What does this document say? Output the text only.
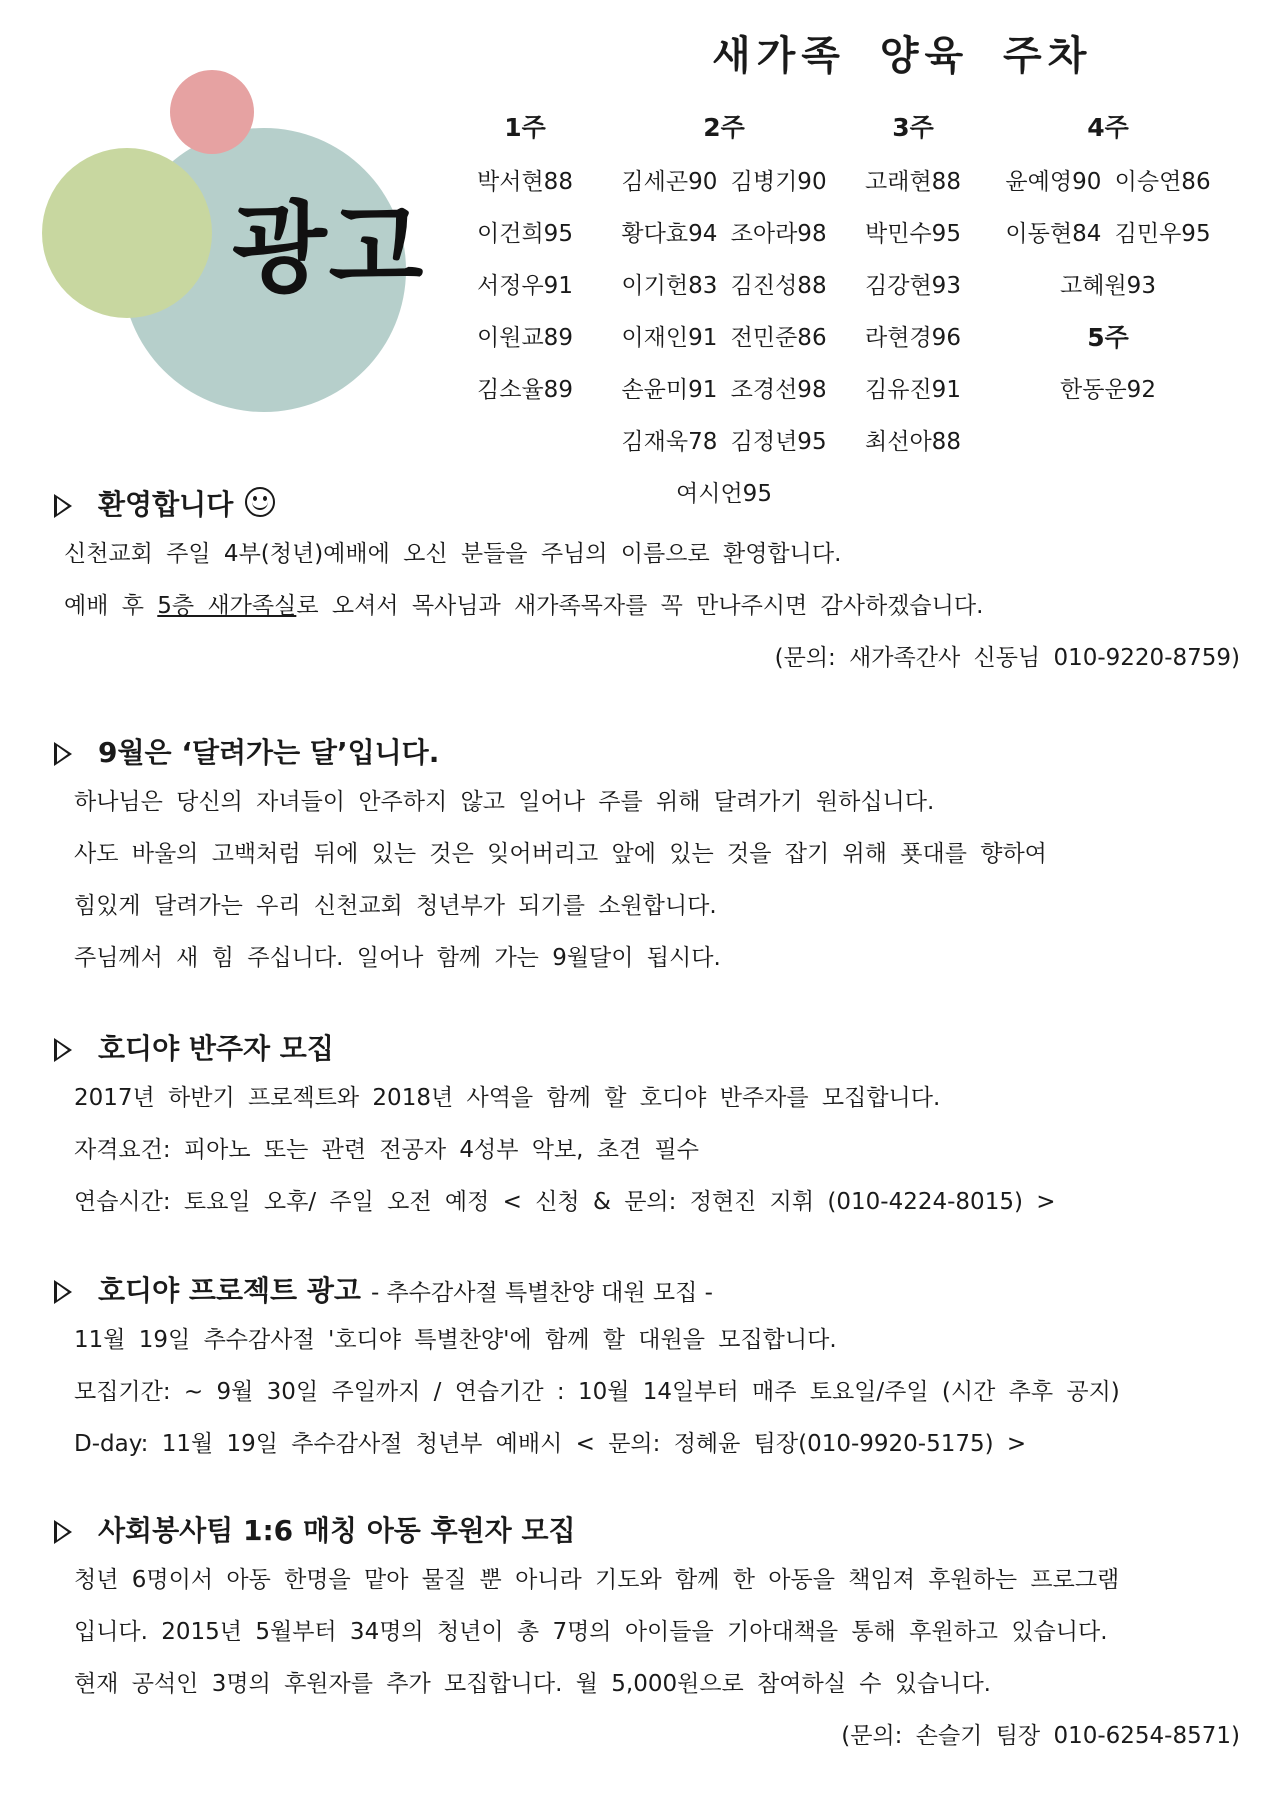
광고
새가족 양육 주차
1주
박서현88
이건희95
서정우91
이원교89
김소율89
2주
김세곤90 김병기90
황다효94 조아라98
이기헌83 김진성88
이재인91 전민준86
손윤미91 조경선98
김재욱78 김정년95
여시언95
3주
고래현88
박민수95
김강현93
라현경96
김유진91
최선아88
4주
윤예영90 이승연86
이동현84 김민우95
고혜원93
5주
한동운92
환영합니다
신천교회 주일 4부(청년)예배에 오신 분들을 주님의 이름으로 환영합니다.
예배 후 5층 새가족실로 오셔서 목사님과 새가족목자를 꼭 만나주시면 감사하겠습니다.
(문의: 새가족간사 신동님 010-9220-8759)
9월은 ‘달려가는 달’입니다.
하나님은 당신의 자녀들이 안주하지 않고 일어나 주를 위해 달려가기 원하십니다.
사도 바울의 고백처럼 뒤에 있는 것은 잊어버리고 앞에 있는 것을 잡기 위해 푯대를 향하여
힘있게 달려가는 우리 신천교회 청년부가 되기를 소원합니다.
주님께서 새 힘 주십니다. 일어나 함께 가는 9월달이 됩시다.
호디야 반주자 모집
2017년 하반기 프로젝트와 2018년 사역을 함께 할 호디야 반주자를 모집합니다.
자격요건: 피아노 또는 관련 전공자 4성부 악보, 초견 필수
연습시간: 토요일 오후/ 주일 오전 예정 < 신청 & 문의: 정현진 지휘 (010-4224-8015) >
호디야 프로젝트 광고 - 추수감사절 특별찬양 대원 모집 -
11월 19일 추수감사절 '호디야 특별찬양'에 함께 할 대원을 모집합니다.
모집기간: ~ 9월 30일 주일까지 / 연습기간 : 10월 14일부터 매주 토요일/주일 (시간 추후 공지)
D-day: 11월 19일 추수감사절 청년부 예배시 < 문의: 정혜윤 팀장(010-9920-5175) >
사회봉사팀 1:6 매칭 아동 후원자 모집
청년 6명이서 아동 한명을 맡아 물질 뿐 아니라 기도와 함께 한 아동을 책임져 후원하는 프로그램
입니다. 2015년 5월부터 34명의 청년이 총 7명의 아이들을 기아대책을 통해 후원하고 있습니다.
현재 공석인 3명의 후원자를 추가 모집합니다. 월 5,000원으로 참여하실 수 있습니다.
(문의: 손슬기 팀장 010-6254-8571)
